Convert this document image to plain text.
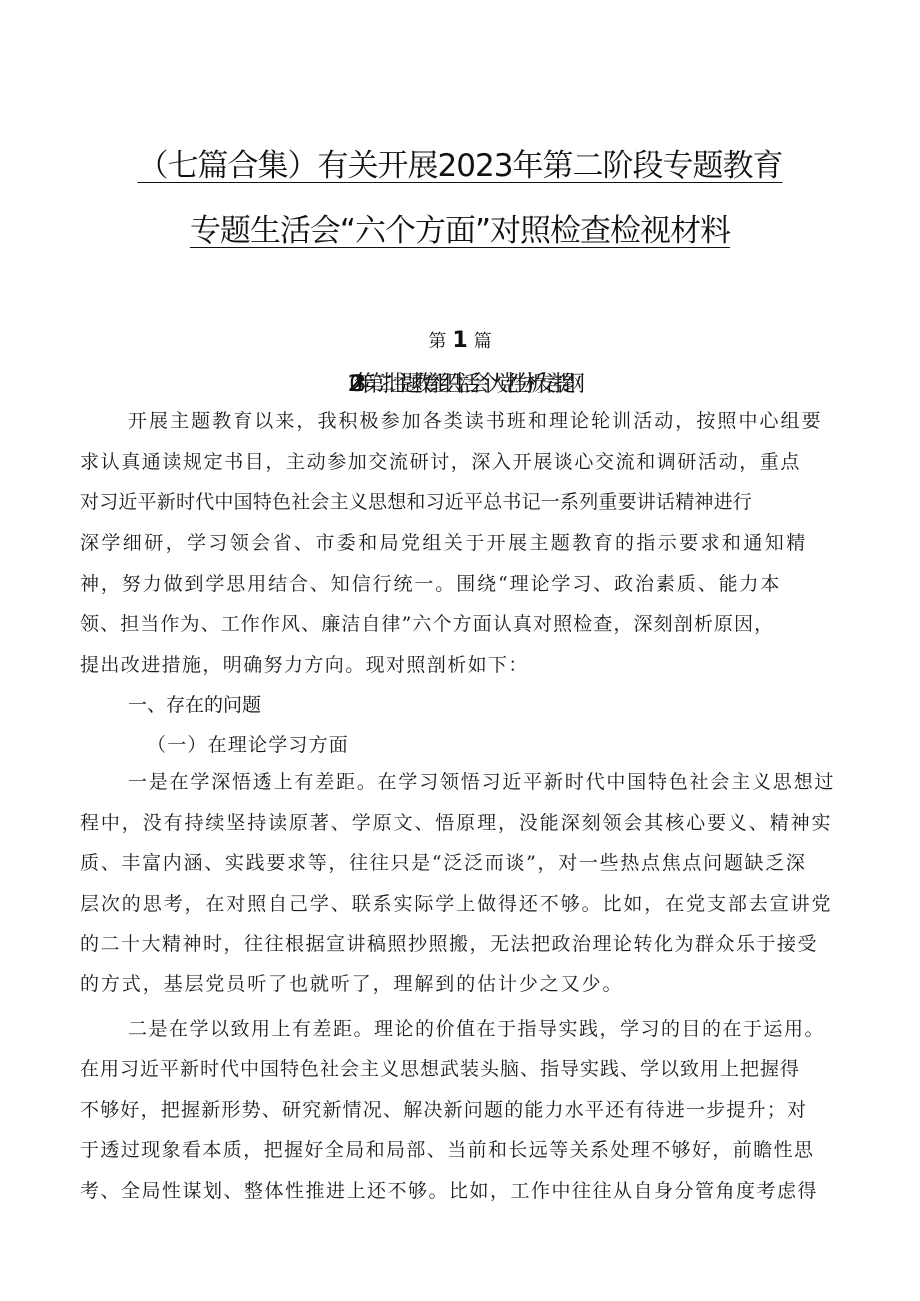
（七篇合集）有关开展2023年第二阶段专题教育
专题生活会“六个方面”对照检查检视材料
第 1 篇
2023年第二批主题教育组织生活会个人党性分析发言提纲
开展主题教育以来，我积极参加各类读书班和理论轮训活动，按照中心组要
求认真通读规定书目，主动参加交流研讨，深入开展谈心交流和调研活动，重点
对习近平新时代中国特色社会主义思想和习近平总书记一系列重要讲话精神进行
深学细研，学习领会省、市委和局党组关于开展主题教育的指示要求和通知精
神，努力做到学思用结合、知信行统一。围绕“理论学习、政治素质、能力本
领、担当作为、工作作风、廉洁自律”六个方面认真对照检查，深刻剖析原因，
提出改进措施，明确努力方向。现对照剖析如下：
一、存在的问题
（一）在理论学习方面
一是在学深悟透上有差距。在学习领悟习近平新时代中国特色社会主义思想过
程中，没有持续坚持读原著、学原文、悟原理，没能深刻领会其核心要义、精神实
质、丰富内涵、实践要求等，往往只是“泛泛而谈”，对一些热点焦点问题缺乏深
层次的思考，在对照自己学、联系实际学上做得还不够。比如，在党支部去宣讲党
的二十大精神时，往往根据宣讲稿照抄照搬，无法把政治理论转化为群众乐于接受
的方式，基层党员听了也就听了，理解到的估计少之又少。
二是在学以致用上有差距。理论的价值在于指导实践，学习的目的在于运用。
在用习近平新时代中国特色社会主义思想武装头脑、指导实践、学以致用上把握得
不够好，把握新形势、研究新情况、解决新问题的能力水平还有待进一步提升；对
于透过现象看本质，把握好全局和局部、当前和长远等关系处理不够好，前瞻性思
考、全局性谋划、整体性推进上还不够。比如，工作中往往从自身分管角度考虑得
